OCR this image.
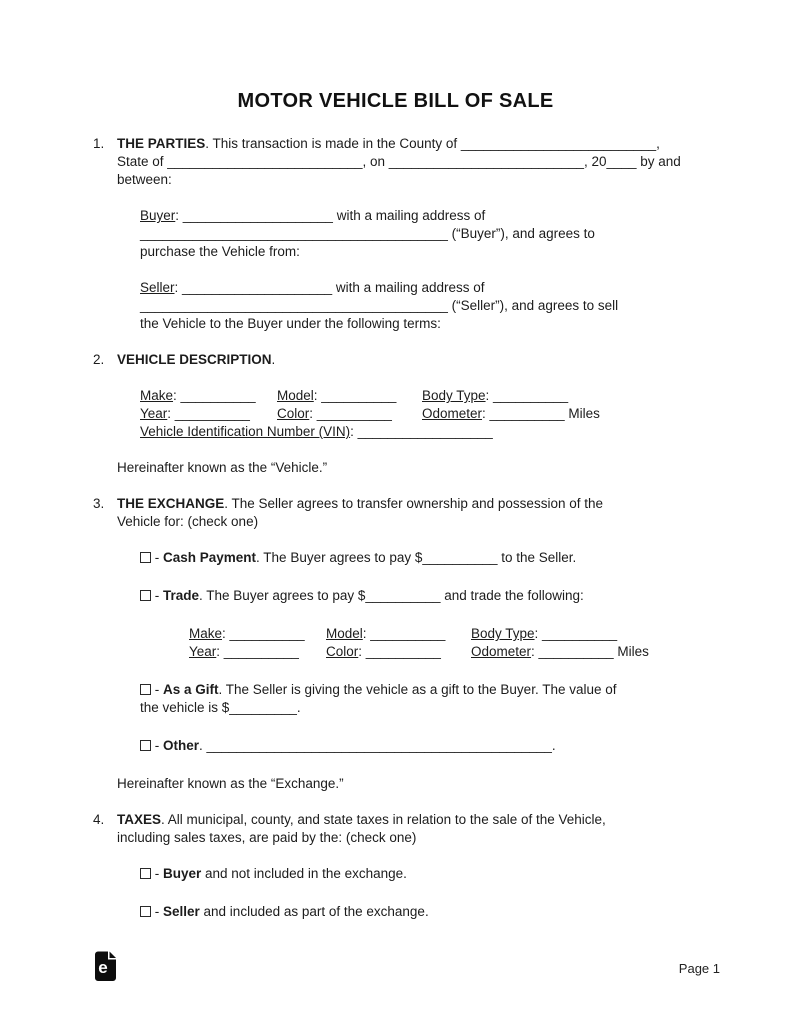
MOTOR VEHICLE BILL OF SALE
1. THE PARTIES. This transaction is made in the County of __________________________,
State of __________________________, on __________________________, 20____ by and
between:
Buyer: ____________________ with a mailing address of
_________________________________________ (“Buyer”), and agrees to
purchase the Vehicle from:
Seller: ____________________ with a mailing address of
_________________________________________ (“Seller”), and agrees to sell
the Vehicle to the Buyer under the following terms:
2. VEHICLE DESCRIPTION.
Make: __________	Model: __________	Body Type: __________
Year: __________	Color: __________	Odometer: __________ Miles
Vehicle Identification Number (VIN): __________________
Hereinafter known as the “Vehicle.”
3. THE EXCHANGE. The Seller agrees to transfer ownership and possession of the
Vehicle for: (check one)
- Cash Payment. The Buyer agrees to pay $__________ to the Seller.
- Trade. The Buyer agrees to pay $__________ and trade the following:
Make: __________	Model: __________	Body Type: __________
Year: __________	Color: __________	Odometer: __________ Miles
- As a Gift. The Seller is giving the vehicle as a gift to the Buyer. The value of
the vehicle is $_________.
- Other. ______________________________________________.
Hereinafter known as the “Exchange.”
4. TAXES. All municipal, county, and state taxes in relation to the sale of the Vehicle,
including sales taxes, are paid by the: (check one)
- Buyer and not included in the exchange.
- Seller and included as part of the exchange.
e	Page 1
